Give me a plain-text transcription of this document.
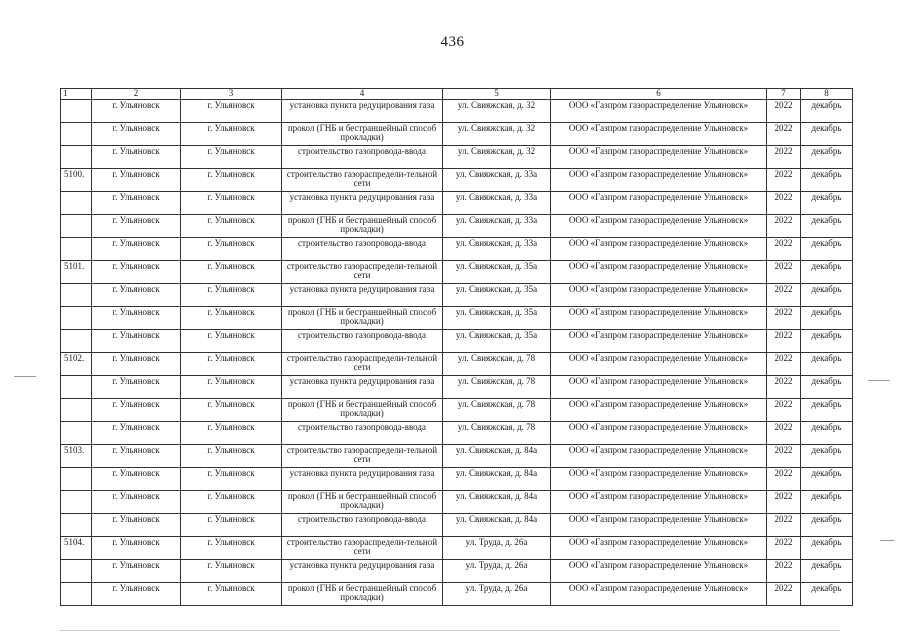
436
1	2	3	4	5	6	7	8
	г. Ульяновск	г. Ульяновск	установка пункта редуцирования газа	ул. Свияжская, д. 32	ООО «Газпром газораспределение Ульяновск»	2022	декабрь
	г. Ульяновск	г. Ульяновск	прокол (ГНБ и бестраншейный способ прокладки)	ул. Свияжская, д. 32	ООО «Газпром газораспределение Ульяновск»	2022	декабрь
	г. Ульяновск	г. Ульяновск	строительство газопровода-ввода	ул. Свияжская, д. 32	ООО «Газпром газораспределение Ульяновск»	2022	декабрь
5100.	г. Ульяновск	г. Ульяновск	строительство газораспредели-тельной сети	ул. Свияжская, д. 33а	ООО «Газпром газораспределение Ульяновск»	2022	декабрь
	г. Ульяновск	г. Ульяновск	установка пункта редуцирования газа	ул. Свияжская, д. 33а	ООО «Газпром газораспределение Ульяновск»	2022	декабрь
	г. Ульяновск	г. Ульяновск	прокол (ГНБ и бестраншейный способ прокладки)	ул. Свияжская, д. 33а	ООО «Газпром газораспределение Ульяновск»	2022	декабрь
	г. Ульяновск	г. Ульяновск	строительство газопровода-ввода	ул. Свияжская, д. 33а	ООО «Газпром газораспределение Ульяновск»	2022	декабрь
5101.	г. Ульяновск	г. Ульяновск	строительство газораспредели-тельной сети	ул. Свияжская, д. 35а	ООО «Газпром газораспределение Ульяновск»	2022	декабрь
	г. Ульяновск	г. Ульяновск	установка пункта редуцирования газа	ул. Свияжская, д. 35а	ООО «Газпром газораспределение Ульяновск»	2022	декабрь
	г. Ульяновск	г. Ульяновск	прокол (ГНБ и бестраншейный способ прокладки)	ул. Свияжская, д. 35а	ООО «Газпром газораспределение Ульяновск»	2022	декабрь
	г. Ульяновск	г. Ульяновск	строительство газопровода-ввода	ул. Свияжская, д. 35а	ООО «Газпром газораспределение Ульяновск»	2022	декабрь
5102.	г. Ульяновск	г. Ульяновск	строительство газораспредели-тельной сети	ул. Свияжская, д. 78	ООО «Газпром газораспределение Ульяновск»	2022	декабрь
	г. Ульяновск	г. Ульяновск	установка пункта редуцирования газа	ул. Свияжская, д. 78	ООО «Газпром газораспределение Ульяновск»	2022	декабрь
	г. Ульяновск	г. Ульяновск	прокол (ГНБ и бестраншейный способ прокладки)	ул. Свияжская, д. 78	ООО «Газпром газораспределение Ульяновск»	2022	декабрь
	г. Ульяновск	г. Ульяновск	строительство газопровода-ввода	ул. Свияжская, д. 78	ООО «Газпром газораспределение Ульяновск»	2022	декабрь
5103.	г. Ульяновск	г. Ульяновск	строительство газораспредели-тельной сети	ул. Свияжская, д. 84а	ООО «Газпром газораспределение Ульяновск»	2022	декабрь
	г. Ульяновск	г. Ульяновск	установка пункта редуцирования газа	ул. Свияжская, д. 84а	ООО «Газпром газораспределение Ульяновск»	2022	декабрь
	г. Ульяновск	г. Ульяновск	прокол (ГНБ и бестраншейный способ прокладки)	ул. Свияжская, д. 84а	ООО «Газпром газораспределение Ульяновск»	2022	декабрь
	г. Ульяновск	г. Ульяновск	строительство газопровода-ввода	ул. Свияжская, д. 84а	ООО «Газпром газораспределение Ульяновск»	2022	декабрь
5104.	г. Ульяновск	г. Ульяновск	строительство газораспредели-тельной сети	ул. Труда, д. 26а	ООО «Газпром газораспределение Ульяновск»	2022	декабрь
	г. Ульяновск	г. Ульяновск	установка пункта редуцирования газа	ул. Труда, д. 26а	ООО «Газпром газораспределение Ульяновск»	2022	декабрь
	г. Ульяновск	г. Ульяновск	прокол (ГНБ и бестраншейный способ прокладки)	ул. Труда, д. 26а	ООО «Газпром газораспределение Ульяновск»	2022	декабрь
